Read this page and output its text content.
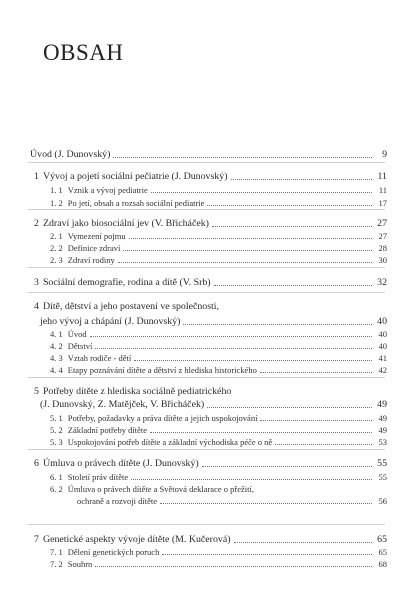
OBSAH
Úvod (J. Dunovský)	9
1 Vývoj a pojetí sociální pečiatrie (J. Dunovský)	11
1. 1 Vznik a vývoj pediatrie	11
1. 2 Po jetí, obsah a rozsah sociální pediatrie	17
2 Zdraví jako biosociální jev (V. Břicháček)	27
2. 1 Vymezení pojmu	27
2. 2 Definice zdraví	28
2. 3 Zdraví rodiny	30
3 Sociální demografie, rodina a dítě (V. Srb)	32
4 Dítě, dětství a jeho postavení ve společnosti,
jeho vývoj a chápání (J. Dunovský)	40
4. 1 Úvod	40
4. 2 Dětství	40
4. 3 Vztah rodiče - dětí	41
4. 4 Etapy poznávání dítěte a dětství z hlediska historického	42
5 Potřeby dítěte z hlediska sociálně pediatrického
(J. Dunovský, Z. Matějček, V. Břicháček)	49
5. 1 Potřeby, požadavky a práva dítěte a jejich uspokojování	49
5. 2 Základní potřeby dítěte	49
5. 3 Uspokojování potřeb dítěte a základní východiska péče o ně	53
6 Úmluva o právech dítěte (J. Dunovský)	55
6. 1 Století práv dítěte	55
6. 2 Úmluva o právech dítěte a Světová deklarace o přežití,
ochraně a rozvoji dítěte	56
7 Genetické aspekty vývoje dítěte (M. Kučerová)	65
7. 1 Dělení genetických poruch	65
7. 2 Souhrn	68
